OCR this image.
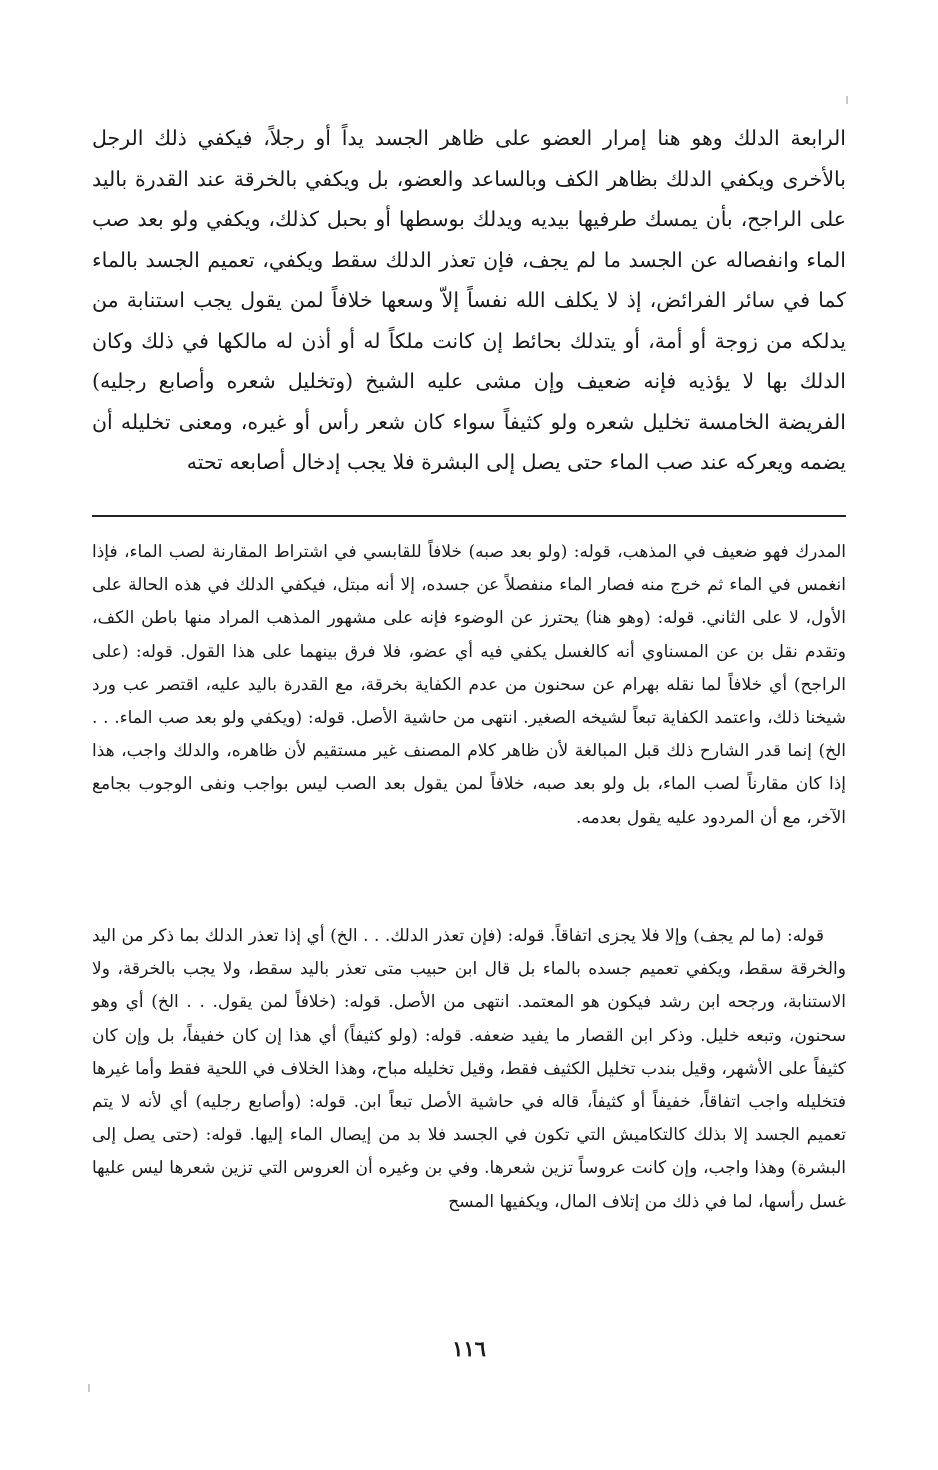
الرابعة الدلك وهو هنا إمرار العضو على ظاهر الجسد يداً أو رجلاً، فيكفي ذلك الرجل بالأخرى ويكفي الدلك بظاهر الكف وبالساعد والعضو، بل ويكفي بالخرقة عند القدرة باليد على الراجح، بأن يمسك طرفيها بيديه ويدلك بوسطها أو بحبل كذلك، ويكفي ولو بعد صب الماء وانفصاله عن الجسد ما لم يجف، فإن تعذر الدلك سقط ويكفي، تعميم الجسد بالماء كما في سائر الفرائض، إذ لا يكلف الله نفساً إلاّ وسعها خلافاً لمن يقول يجب استنابة من يدلكه من زوجة أو أمة، أو يتدلك بحائط إن كانت ملكاً له أو أذن له مالكها في ذلك وكان الدلك بها لا يؤذيه فإنه ضعيف وإن مشى عليه الشيخ (وتخليل شعره وأصابع رجليه) الفريضة الخامسة تخليل شعره ولو كثيفاً سواء كان شعر رأس أو غيره، ومعنى تخليله أن يضمه ويعركه عند صب الماء حتى يصل إلى البشرة فلا يجب إدخال أصابعه تحته

المدرك فهو ضعيف في المذهب، قوله: (ولو بعد صبه) خلافاً للقابسي في اشتراط المقارنة لصب الماء، فإذا انغمس في الماء ثم خرج منه فصار الماء منفصلاً عن جسده، إلا أنه مبتل، فيكفي الدلك في هذه الحالة على الأول، لا على الثاني. قوله: (وهو هنا) يحترز عن الوضوء فإنه على مشهور المذهب المراد منها باطن الكف، وتقدم نقل بن عن المسناوي أنه كالغسل يكفي فيه أي عضو، فلا فرق بينهما على هذا القول. قوله: (على الراجح) أي خلافاً لما نقله بهرام عن سحنون من عدم الكفاية بخرقة، مع القدرة باليد عليه، اقتصر عب ورد شيخنا ذلك، واعتمد الكفاية تبعاً لشيخه الصغير. انتهى من حاشية الأصل. قوله: (ويكفي ولو بعد صب الماء. . . الخ) إنما قدر الشارح ذلك قبل المبالغة لأن ظاهر كلام المصنف غير مستقيم لأن ظاهره، والدلك واجب، هذا إذا كان مقارناً لصب الماء، بل ولو بعد صبه، خلافاً لمن يقول بعد الصب ليس بواجب ونفى الوجوب بجامع الآخر، مع أن المردود عليه يقول بعدمه.

قوله: (ما لم يجف) وإلا فلا يجزى اتفاقاً. قوله: (فإن تعذر الدلك. . . الخ) أي إذا تعذر الدلك بما ذكر من اليد والخرقة سقط، ويكفي تعميم جسده بالماء بل قال ابن حبيب متى تعذر باليد سقط، ولا يجب بالخرقة، ولا الاستنابة، ورجحه ابن رشد فيكون هو المعتمد. انتهى من الأصل. قوله: (خلافاً لمن يقول. . . الخ) أي وهو سحنون، وتبعه خليل. وذكر ابن القصار ما يفيد ضعفه. قوله: (ولو كثيفاً) أي هذا إن كان خفيفاً، بل وإن كان كثيفاً على الأشهر، وقيل بندب تخليل الكثيف فقط، وقيل تخليله مباح، وهذا الخلاف في اللحية فقط وأما غيرها فتخليله واجب اتفاقاً، خفيفاً أو كثيفاً، قاله في حاشية الأصل تبعاً ابن. قوله: (وأصابع رجليه) أي لأنه لا يتم تعميم الجسد إلا بذلك كالتكاميش التي تكون في الجسد فلا بد من إيصال الماء إليها. قوله: (حتى يصل إلى البشرة) وهذا واجب، وإن كانت عروساً تزين شعرها. وفي بن وغيره أن العروس التي تزين شعرها ليس عليها غسل رأسها، لما في ذلك من إتلاف المال، ويكفيها المسح

١١٦
